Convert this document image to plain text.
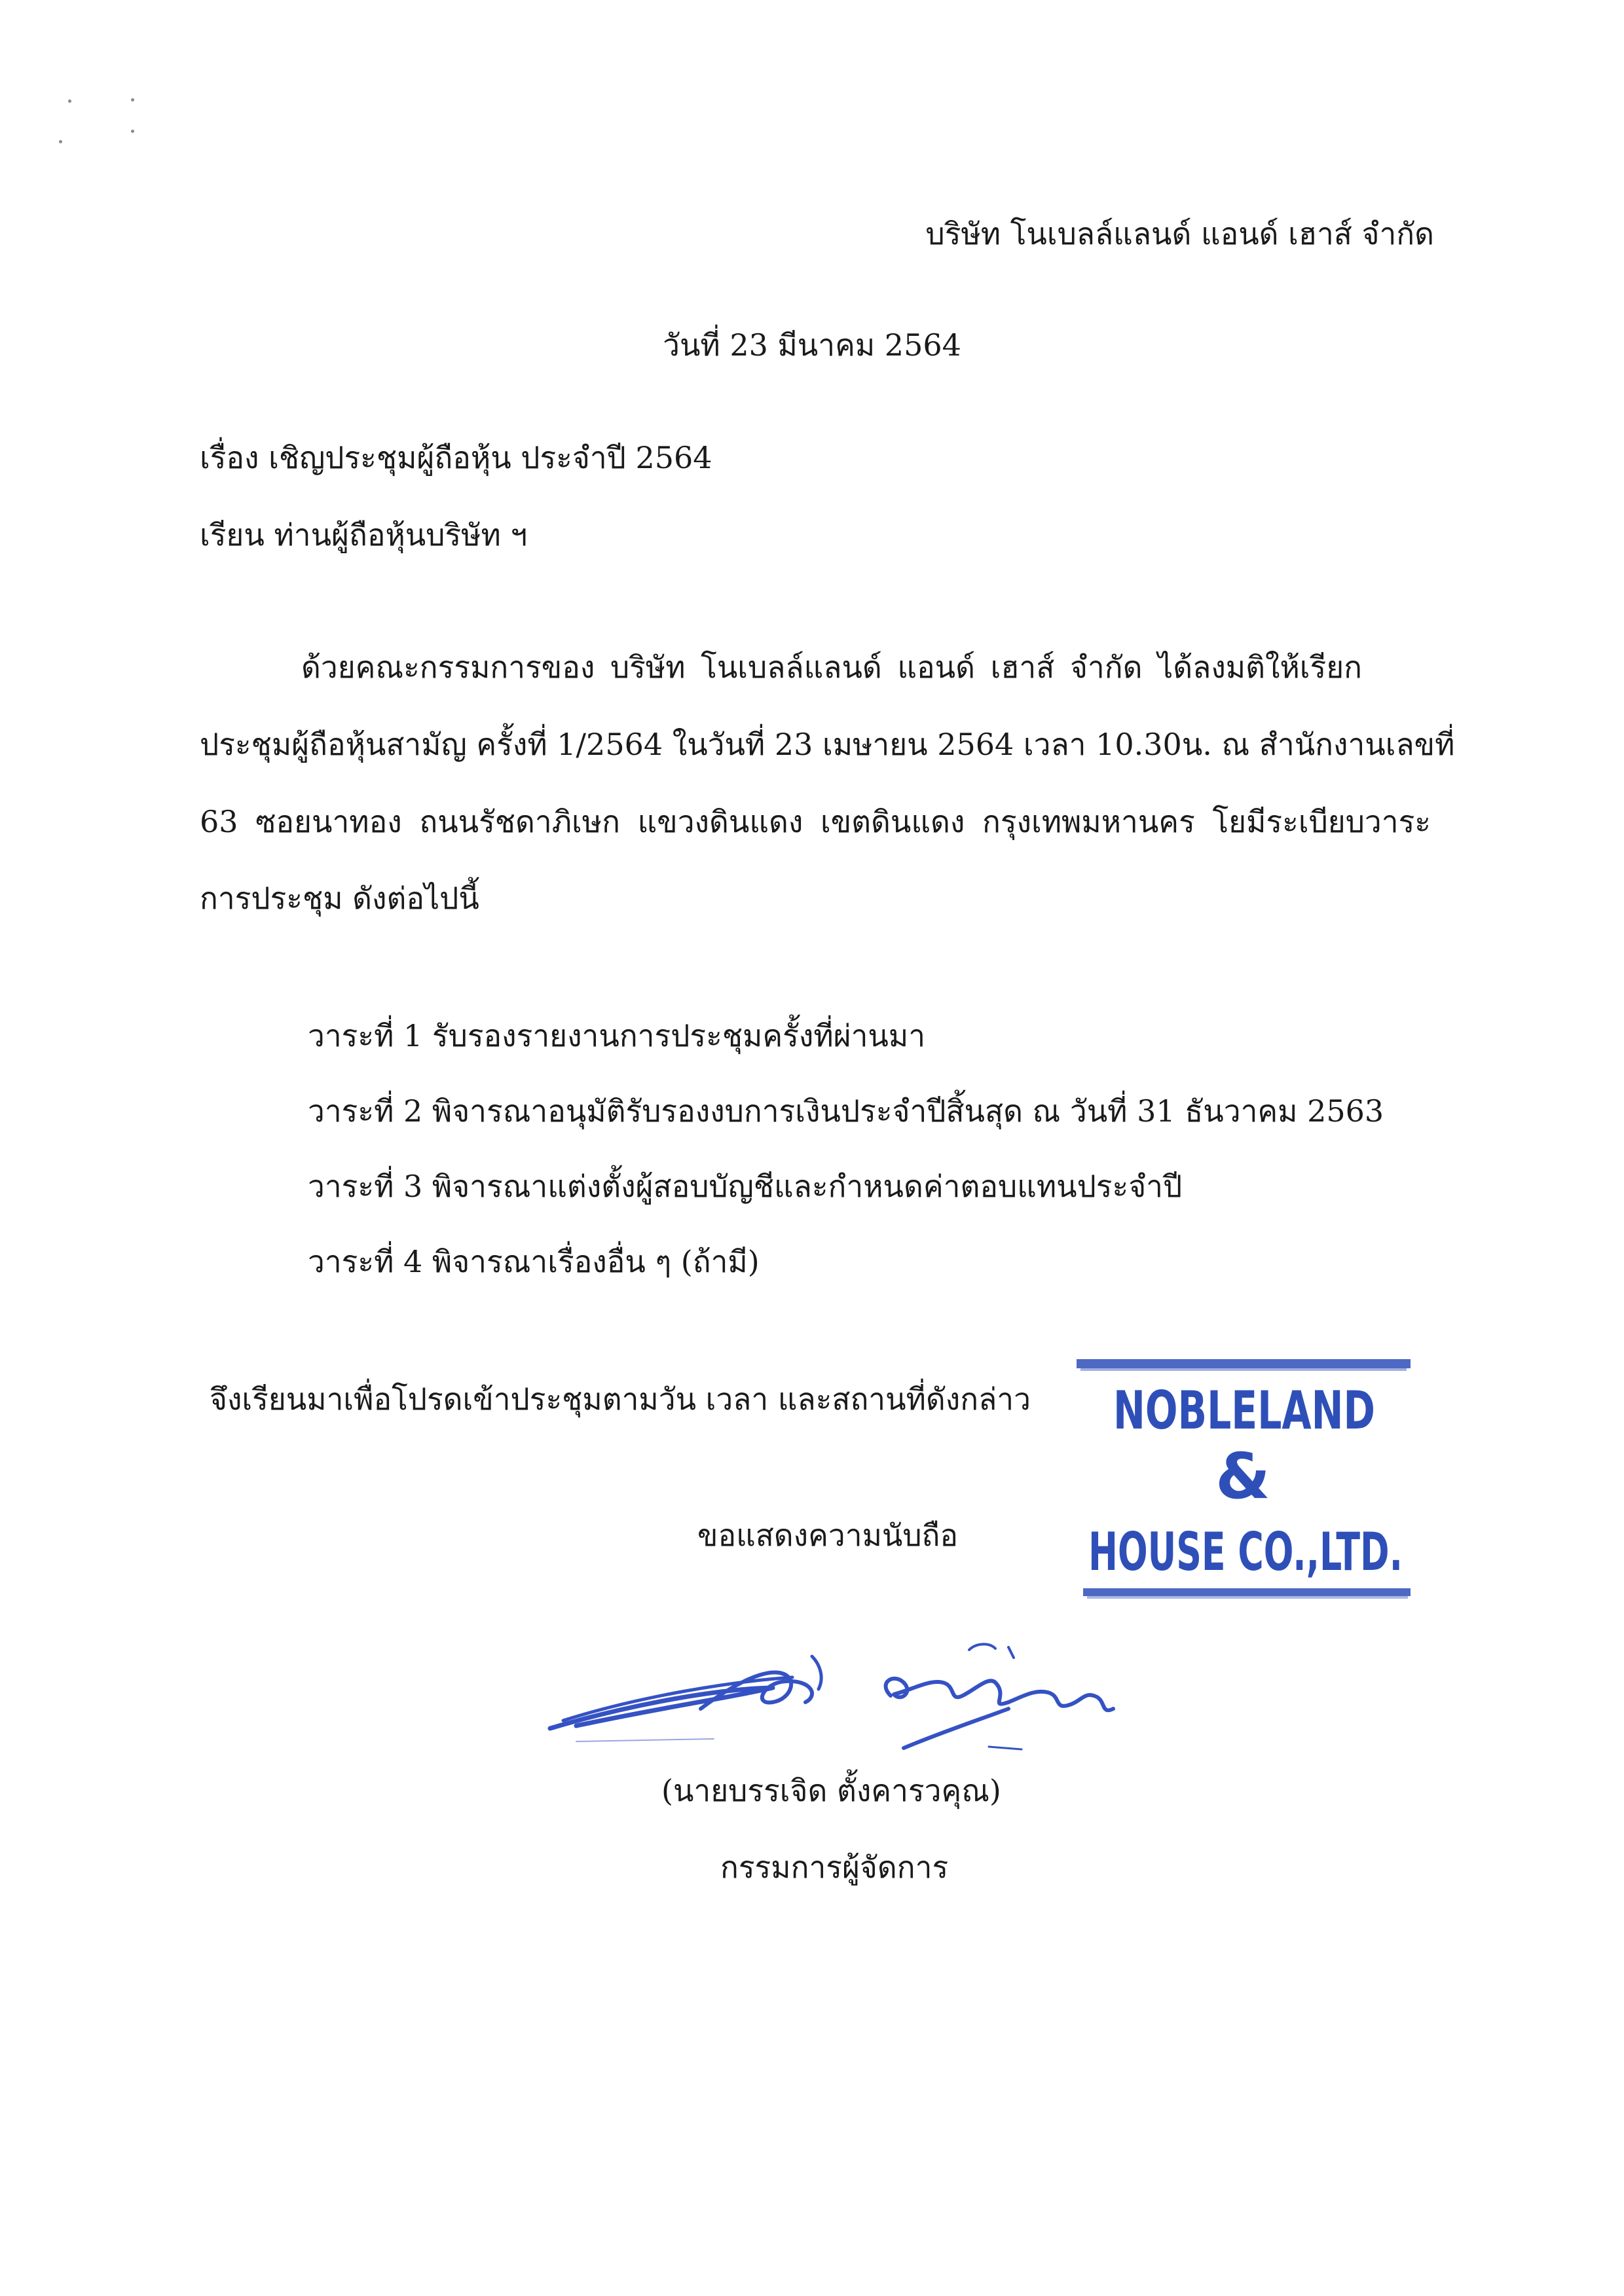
บริษัท โนเบลล์แลนด์ แอนด์ เฮาส์ จำกัด
วันที่ 23 มีนาคม 2564
เรื่อง เชิญประชุมผู้ถือหุ้น ประจำปี 2564
เรียน ท่านผู้ถือหุ้นบริษัท ฯ
ด้วยคณะกรรมการของ บริษัท โนเบลล์แลนด์ แอนด์ เฮาส์ จำกัด ได้ลงมติให้เรียก
ประชุมผู้ถือหุ้นสามัญ ครั้งที่ 1/2564 ในวันที่ 23 เมษายน 2564 เวลา 10.30น. ณ สำนักงานเลขที่
63 ซอยนาทอง ถนนรัชดาภิเษก แขวงดินแดง เขตดินแดง กรุงเทพมหานคร โยมีระเบียบวาระ
การประชุม ดังต่อไปนี้
วาระที่ 1 รับรองรายงานการประชุมครั้งที่ผ่านมา
วาระที่ 2 พิจารณาอนุมัติรับรองงบการเงินประจำปีสิ้นสุด ณ วันที่ 31 ธันวาคม 2563
วาระที่ 3 พิจารณาแต่งตั้งผู้สอบบัญชีและกำหนดค่าตอบแทนประจำปี
วาระที่ 4 พิจารณาเรื่องอื่น ๆ (ถ้ามี)
จึงเรียนมาเพื่อโปรดเข้าประชุมตามวัน เวลา และสถานที่ดังกล่าว
ขอแสดงความนับถือ
NOBLELAND
&
HOUSE CO.,LTD.
(นายบรรเจิด ตั้งคารวคุณ)
กรรมการผู้จัดการ
